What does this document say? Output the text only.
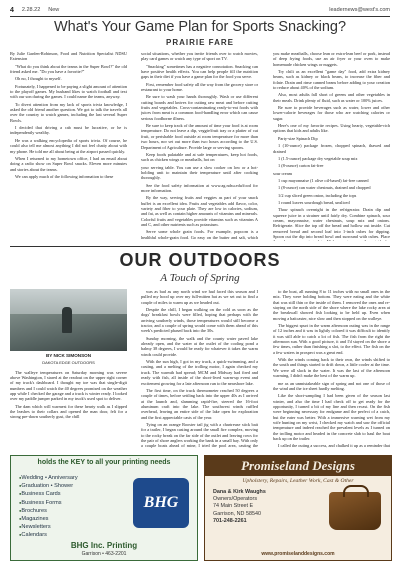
4 2.28.22 New	leadernews@west's.com
What's Your Game Plan for Sports Snacking?
PRAIRIE FARE

By Julie Garden-Robinson, Food and Nutrition Specialist NDSU Extension

"What do you think about the teams in the Super Bowl?" the old friend asked me. "Do you have a favorite?"

Oh no, I thought to myself.

Fortunately, I happened to be paying a slight amount of attention to the playoff games. My husband likes to watch football and text with our son during the games. I could name the teams, anyway.

To divert attention from my lack of sports trivia knowledge, I asked the old friend another question. We got to talk the travels all over the country to watch games, including the last several Super Bowls.

I decided that driving a cab must be lucrative, or he is independently wealthy.

He was a walking encyclopedia of sports trivia. Of course, he could also tell me almost anything I did not feel chatty about with my phone. He told me all about being at the airport passed quickly.

When I returned to my hometown office, I had an email about doing a radio show on Super Bowl snacks. Eleven more minutes and stories about the teams.

We can apply much of the following information to these

social situations, whether you invite friends over to watch movies, play card games or watch any type of sport on TV.

"Snacking" sometimes has a negative connotation. Snacking can have positive health effects. You can help people fill the nutrition gaps in their diet if you have a game plan for the food you serve.

First, remember food safety all the way from the grocery store or restaurant to your home.

Be sure to wash your hands thoroughly. Wash or use different cutting boards and knives for cutting raw meat and before cutting fruits and vegetables. Cross-contaminating ready-to-eat foods with juices from meat is a common food-handling error which can cause serious foodborne illness.

Be sure to keep track of the amount of time your food is at room temperature. Do not leave a dip, veggie/fruit tray or a platter of cut fruit, or perishable food outside at room temperature for more than two hours, nor set out more than two hours according to the U.S. Department of Agriculture. Provide large or serving spoons.

Keep foods palatable and at safe temperatures, keep hot foods, such as chicken wings or meatballs, hot on

your serving table. You can use a slow cooker on low or a hot-holding unit to maintain their temperature until after cooking thoroughly.

See the food safety information at www.ag.ndsu.edu/food for more information.

By the way, serving fruits and veggies as part of your snack buffet is an excellent idea. Fruits and vegetables add flavor, color, variety and fiber to your plate. They are low in calories, sodium, and fat, as well as contain higher amounts of vitamins and minerals. Colorful fruits and vegetables provide vitamins such as vitamins A and C, and other nutrients such as potassium.

Serve some whole grain foods. For example, popcorn is a healthful whole-grain food. Go easy on the butter and salt, which

you make meatballs, choose lean or extra-lean beef or pork, instead of deep frying foods, use an air fryer or your oven to make homemade chicken wings or nuggets.

Try chili as an excellent "game day" food, add extra kidney beans, such as kidney or black beans, to increase the fiber and folate. Drain and rinse canned beans before adding to your creation to reduce about 40% of the sodium.

Also, most adults fall short of greens and other vegetables in their meals. Drink plenty of fluid, such as water or 100% juices.

Be sure to provide beverages such as water, lower and other lower-calorie beverages for those who are watching calories or sugar.

Here's one of my favorite recipes. Using hearty, vegetable-rich options that kids and adults like.

Party-size Spinach Dip

1 (10-ounce) package frozen, chopped spinach, thawed and drained

1 (1.5-ounce) package dry vegetable soup mix

1 (8-ounce) carton fat-free

sour cream

1 cup mayonnaise (1 olive oil-based) fat-free canned

1 (8-ounce) can water chestnuts, drained and chopped

1/2 cup sliced green onion, including the tops

1 round loaves sourdough bread, unsliced

Thaw spinach overnight in the refrigerator. Drain dip and squeeze juice in a strainer until fairly dry. Combine spinach, sour cream, mayonnaise, water chestnuts, soup mix and onions. Refrigerate. Slice the top off the bread and hollow out inside. Cut removed bread and second loaf into 1-inch cubes for dipping. Spoon out the dip into bread bowl and surround with cubes. Place

OUR OUTDOORS
A Touch of Spring

BY NICK SIMONSON

DAKOTA EDGE OUTDOORS

The walleye temperatures on Saturday morning was severe above Washington, I stared at the readout on the upper right corner of my truck's dashboard. I thought my toe was that single-digit numbers and I could watch the 40 degrees promised on the weather app while I checked the garage and a truck is winter ready. I looked over my paddle jumper parked in my truck's used spot to deliver.

The dam which will warmest for these hearty walk as I slipped the leashes to their collars and opened the man door, felt for a strong pre-dawn southerly gust, the chill

was as bad as any north wind we had faced this season and I pulled my hood up over my full-mitten hat as we set out to find a couple of miles to warm up as we headed out.

Despite the chill, I began walking on the cold as soon as the dogs' breakfast bowls were filled, hoping that perhaps with the arriving southerly winds, those temperatures would still become a tractor, and a couple of spring would come with them ahead of this week's predicted phased back into the 30s.

Sunday morning, the walk and the county water paved lake already open, and the water at the outlet of the cooling pond a balmy 38 degrees, I would be ready for whatever it takes the warm winds could provide.

With the sun high, I got in my truck, a quick-swimming, and a casting, and a melting of the trolling motor, I again checked my truck. The warmth had spread; MCM and Midway had fired and ready with fish, all inside of the short-lived warm-up event and excitement growing for a late afternoon run to the nearshore lake.

The first time, on the truck thermometer reached 50 degrees a couple of times, before settling back into the upper 40s as I arrived at the launch and, slamming rapid-fire, steered the 16-foot aluminum craft into the lake. The southwest winds ruffled overhead, leaving an entire side of the lake open for exploration and the first appreciable casts of the year.

Tying on an orange Rooster tail jig with a chartreuse stick bait for a trailer, I began casting around the small fire complex, moving to the rocky break on the far side of the outlet and leaving rows for the pair of shore anglers working the bank in a small bay. With only a couple boats ahead of mine, I tried the pool area, casting the

to the boat, all running 8 to 11 inches with no small ones in the mix. They were holding bottom. They were eating and the white that was still thin or the inside of them. I removed the ones and re-staying on the north side of the shore where the lake rocky area at the breakwall showed fish looking to be held up. Even when moving a baitcaster, nice slow and then stopped on the walleye.

The biggest spurt in the warm afternoon outing was in the range of 12 inches and it was in lightly colored it was difficult to identify it was still able to catch a lot of fish. The fish from the right the afternoon sun. With a good picture, it and I'd stayed on the shore a few times, rather than finishing a slot, to the effect. The fish on the a few waters in prospect was a great end.

With the winds coming back to their own, the winds shifted to the south and things started to drift down, a little cooler at the time. We were all slack in the water. It was the last of the afternoon warming, I didn't make the best of the warm up.

me as an unmistakeable sign of spring and not one of those of the wind and the ice sheet hardly melting.

Like the short-sampling I had been given of the season last winter, and also the time I had check off to get ready for the opportunity, I turned a bit of my line and then recast. On the fish were beginning necessary for endgame and the perfect of a catch, but the eater was better. With a immersive warning wet from my wife hunting on my wrist, I checked my watch and saw the official temperature and indeed reached the prevalent levels as I turned on the trolling motor and headed in the concrete slab to haul the boat back up on the trailer.

I called the outing a success, and chalked it up as a reminder that

holds the KEY to all your printing needs
● Wedding • Anniversary
● Graduation • Shower
● Business Cards
● Business Forms
● Brochures
● Magazines
● Newsletters
● Calendars
BHG
BHG Inc. Printing
Garrison • 463-2201
Promiseland Designs
Upholstery, Repairs, Leather Work, Cast & Other
Dana & Kirk Waughs
Owners/Operators
74 Main Street E
Garrison, ND 58540
701-248-2261
www.promiselanddesigns.com
